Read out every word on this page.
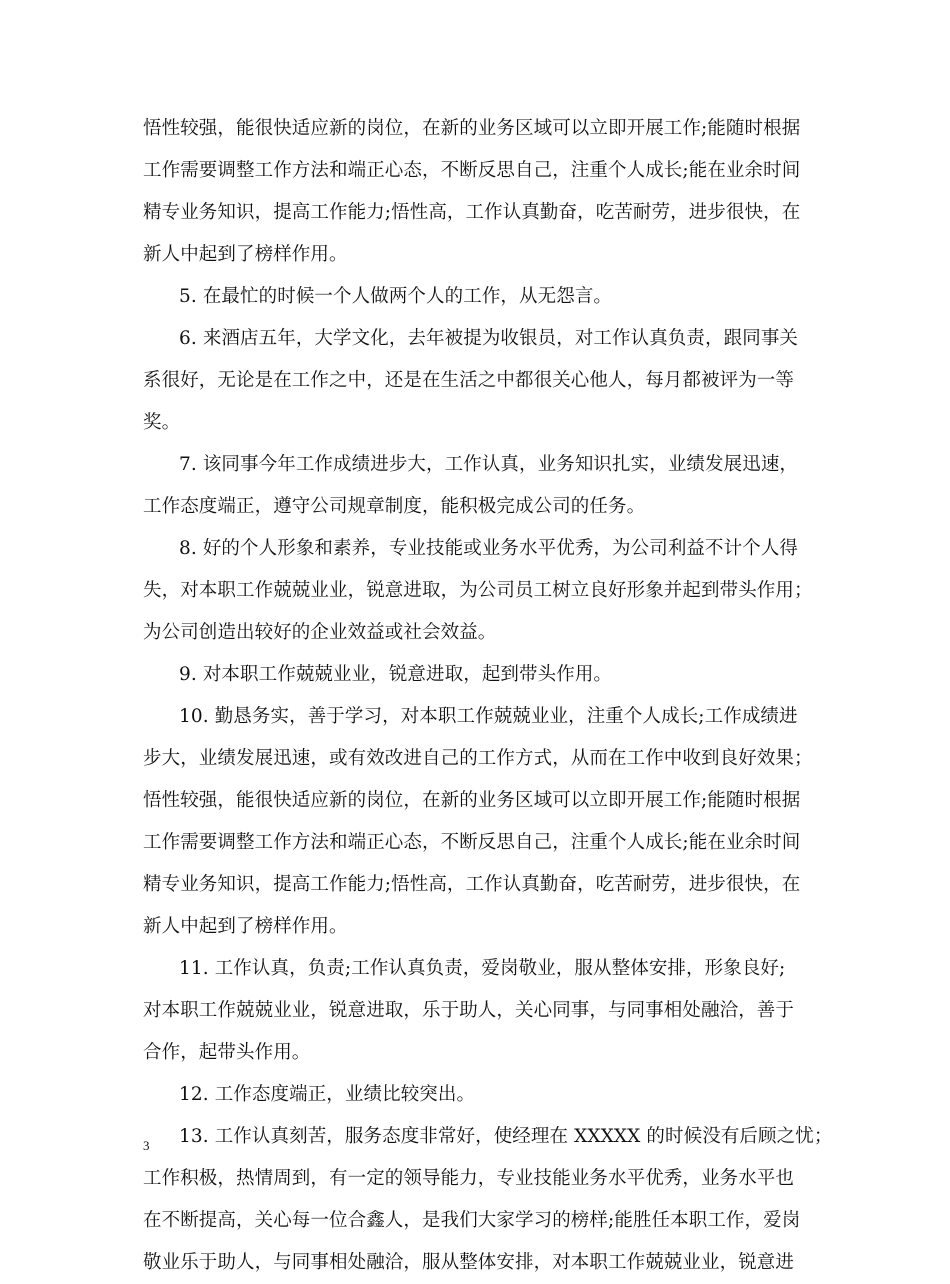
悟性较强，能很快适应新的岗位，在新的业务区域可以立即开展工作;能随时根据
工作需要调整工作方法和端正心态，不断反思自己，注重个人成长;能在业余时间
精专业务知识，提高工作能力;悟性高，工作认真勤奋，吃苦耐劳，进步很快，在
新人中起到了榜样作用。
5. 在最忙的时候一个人做两个人的工作，从无怨言。
6. 来酒店五年，大学文化，去年被提为收银员，对工作认真负责，跟同事关
系很好，无论是在工作之中，还是在生活之中都很关心他人，每月都被评为一等
奖。
7. 该同事今年工作成绩进步大，工作认真，业务知识扎实，业绩发展迅速，
工作态度端正，遵守公司规章制度，能积极完成公司的任务。
8. 好的个人形象和素养，专业技能或业务水平优秀，为公司利益不计个人得
失，对本职工作兢兢业业，锐意进取，为公司员工树立良好形象并起到带头作用；
为公司创造出较好的企业效益或社会效益。
9. 对本职工作兢兢业业，锐意进取，起到带头作用。
10. 勤恳务实，善于学习，对本职工作兢兢业业，注重个人成长;工作成绩进
步大，业绩发展迅速，或有效改进自己的工作方式，从而在工作中收到良好效果；
悟性较强，能很快适应新的岗位，在新的业务区域可以立即开展工作;能随时根据
工作需要调整工作方法和端正心态，不断反思自己，注重个人成长;能在业余时间
精专业务知识，提高工作能力;悟性高，工作认真勤奋，吃苦耐劳，进步很快，在
新人中起到了榜样作用。
11. 工作认真，负责;工作认真负责，爱岗敬业，服从整体安排，形象良好;
对本职工作兢兢业业，锐意进取，乐于助人，关心同事，与同事相处融洽，善于
合作，起带头作用。
12. 工作态度端正，业绩比较突出。
13. 工作认真刻苦，服务态度非常好，使经理在 XXXXX 的时候没有后顾之忧；
工作积极，热情周到，有一定的领导能力，专业技能业务水平优秀，业务水平也
在不断提高，关心每一位合鑫人，是我们大家学习的榜样;能胜任本职工作，爱岗
敬业乐于助人，与同事相处融洽，服从整体安排，对本职工作兢兢业业，锐意进
3
